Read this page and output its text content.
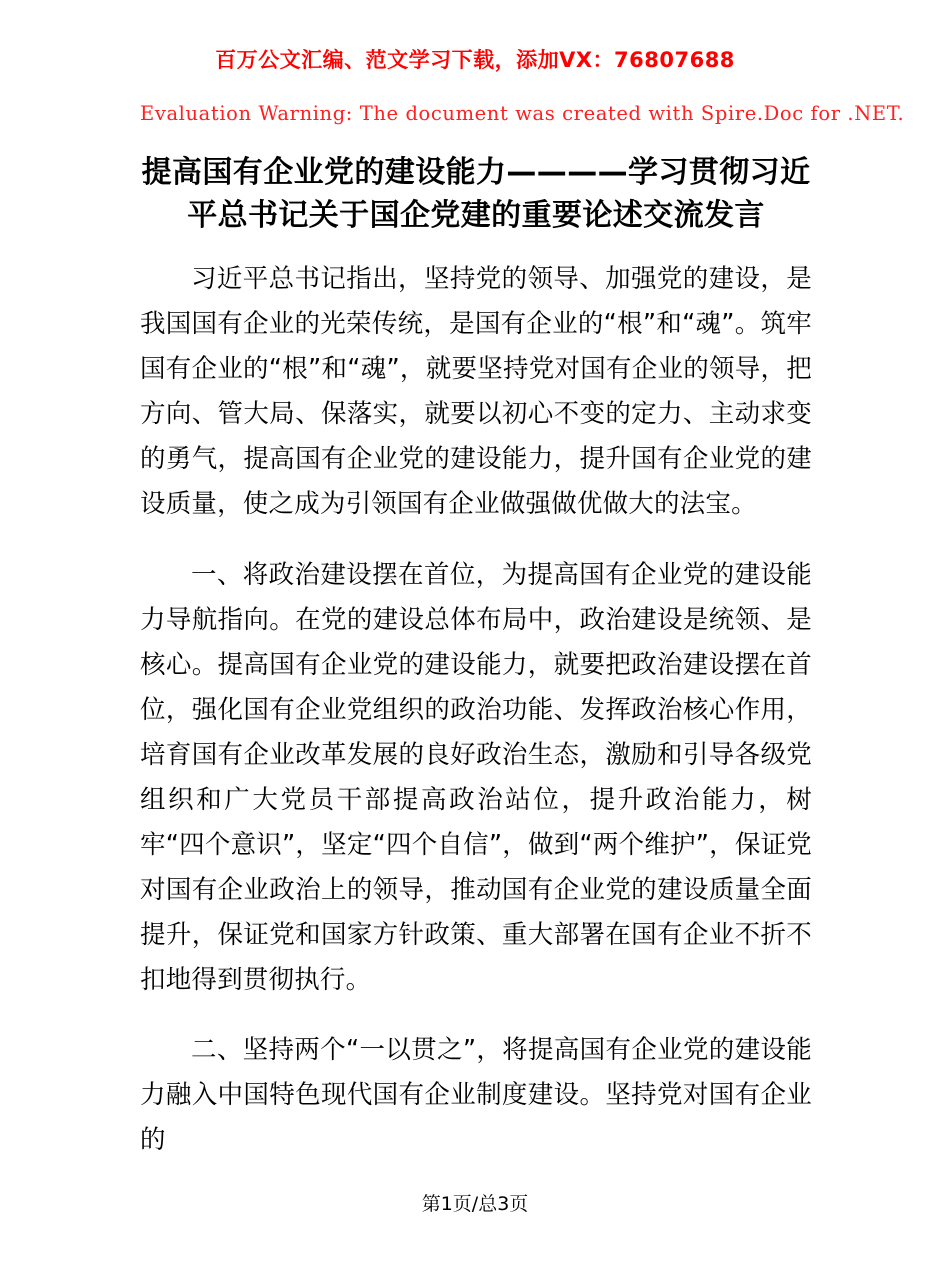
百万公文汇编、范文学习下载，添加VX：76807688
Evaluation Warning: The document was created with Spire.Doc for .NET.
提高国有企业党的建设能力————学习贯彻习近平总书记关于国企党建的重要论述交流发言

习近平总书记指出，坚持党的领导、加强党的建设，是我国国有企业的光荣传统，是国有企业的“根”和“魂”。筑牢国有企业的“根”和“魂”，就要坚持党对国有企业的领导，把方向、管大局、保落实，就要以初心不变的定力、主动求变的勇气，提高国有企业党的建设能力，提升国有企业党的建设质量，使之成为引领国有企业做强做优做大的法宝。

一、将政治建设摆在首位，为提高国有企业党的建设能力导航指向。在党的建设总体布局中，政治建设是统领、是核心。提高国有企业党的建设能力，就要把政治建设摆在首位，强化国有企业党组织的政治功能、发挥政治核心作用，培育国有企业改革发展的良好政治生态，激励和引导各级党组织和广大党员干部提高政治站位，提升政治能力，树牢“四个意识”，坚定“四个自信”，做到“两个维护”，保证党对国有企业政治上的领导，推动国有企业党的建设质量全面提升，保证党和国家方针政策、重大部署在国有企业不折不扣地得到贯彻执行。

二、坚持两个“一以贯之”，将提高国有企业党的建设能力融入中国特色现代国有企业制度建设。坚持党对国有企业的

第1页/总3页
